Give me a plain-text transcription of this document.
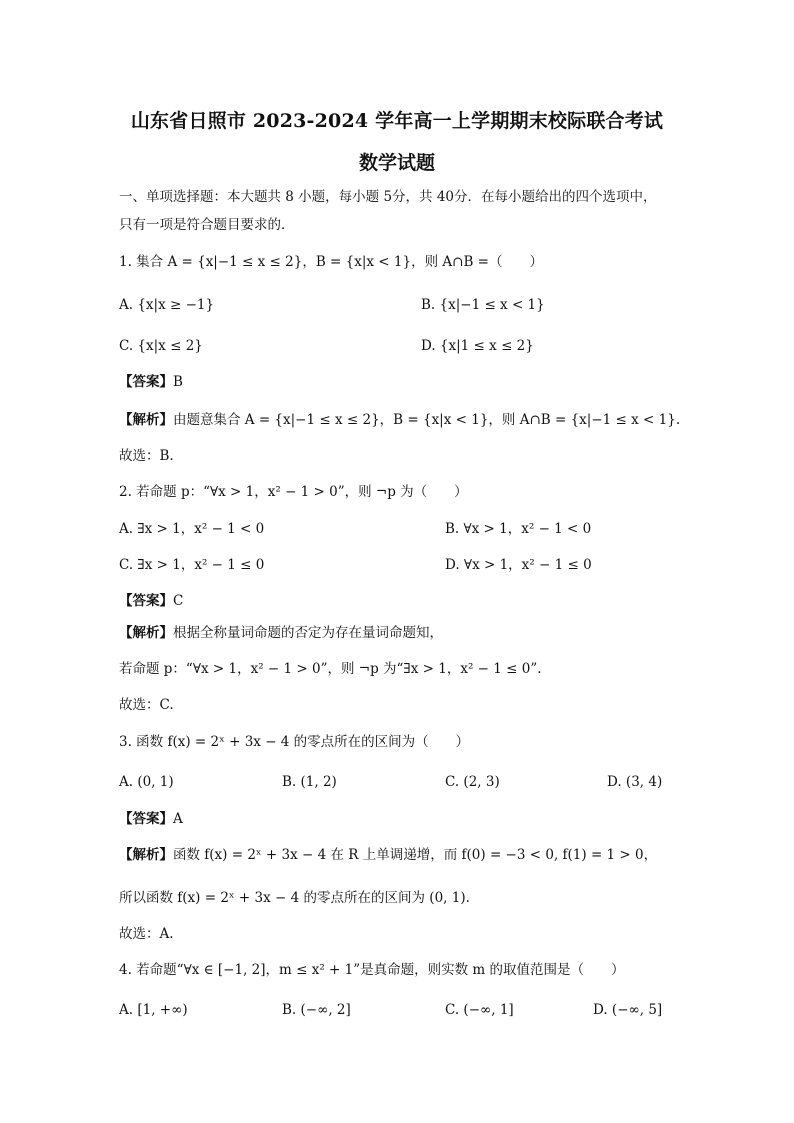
山东省日照市 2023-2024 学年高一上学期期末校际联合考试
数学试题
一、单项选择题：本大题共 8 小题，每小题 5分，共 40分．在每小题给出的四个选项中，
只有一项是符合题目要求的．
1. 集合 A = {x|−1 ≤ x ≤ 2}，B = {x|x < 1}，则 A∩B =（　　）
A. {x|x ≥ −1}	B. {x|−1 ≤ x < 1}
C. {x|x ≤ 2}	D. {x|1 ≤ x ≤ 2}
【答案】B
【解析】由题意集合 A = {x|−1 ≤ x ≤ 2}，B = {x|x < 1}，则 A∩B = {x|−1 ≤ x < 1}.
故选：B.
2. 若命题 p：“∀x > 1，x² − 1 > 0”，则 ¬p 为（　　）
A. ∃x > 1，x² − 1 < 0	B. ∀x > 1，x² − 1 < 0
C. ∃x > 1，x² − 1 ≤ 0	D. ∀x > 1，x² − 1 ≤ 0
【答案】C
【解析】根据全称量词命题的否定为存在量词命题知，
若命题 p：“∀x > 1，x² − 1 > 0”，则 ¬p 为“∃x > 1，x² − 1 ≤ 0”.
故选：C.
3. 函数 f(x) = 2ˣ + 3x − 4 的零点所在的区间为（　　）
A. (0, 1)	B. (1, 2)	C. (2, 3)	D. (3, 4)
【答案】A
【解析】函数 f(x) = 2ˣ + 3x − 4 在 R 上单调递增，而 f(0) = −3 < 0, f(1) = 1 > 0，
所以函数 f(x) = 2ˣ + 3x − 4 的零点所在的区间为 (0, 1).
故选：A.
4. 若命题“∀x ∈ [−1, 2]，m ≤ x² + 1”是真命题，则实数 m 的取值范围是（　　）
A. [1, +∞)	B. (−∞, 2]	C. (−∞, 1]	D. (−∞, 5]
